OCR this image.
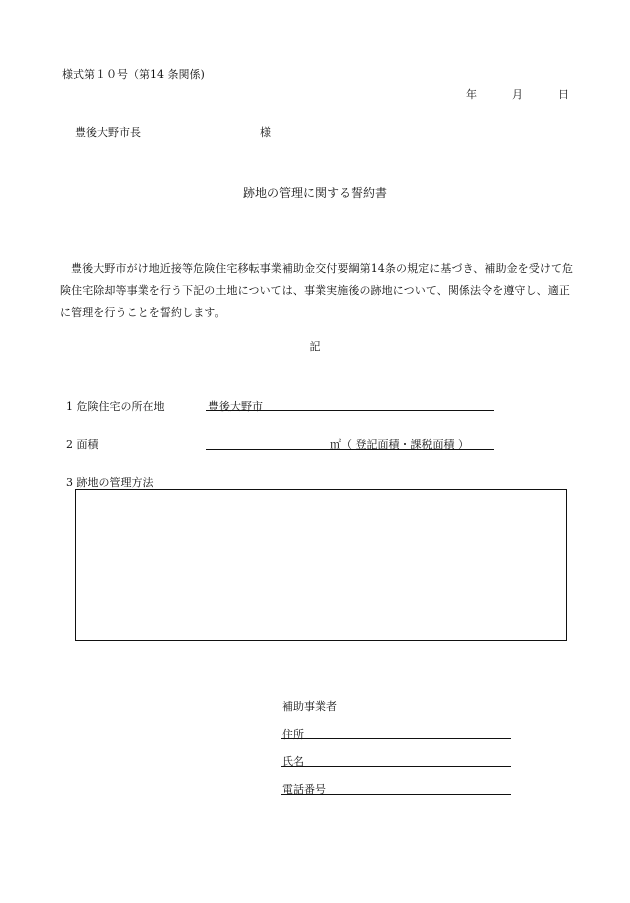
様式第１０号（第14 条関係)
年	月	日
豊後大野市長	様
跡地の管理に関する誓約書
豊後大野市がけ地近接等危険住宅移転事業補助金交付要綱第14条の規定に基づき、補助金を受けて危険住宅除却等事業を行う下記の土地については、事業実施後の跡地について、関係法令を遵守し、適正に管理を行うことを誓約します。
記
1 危険住宅の所在地	豊後大野市
2 面積	㎡（ 登記面積・課税面積 ）
3 跡地の管理方法
補助事業者
住所
氏名
電話番号
